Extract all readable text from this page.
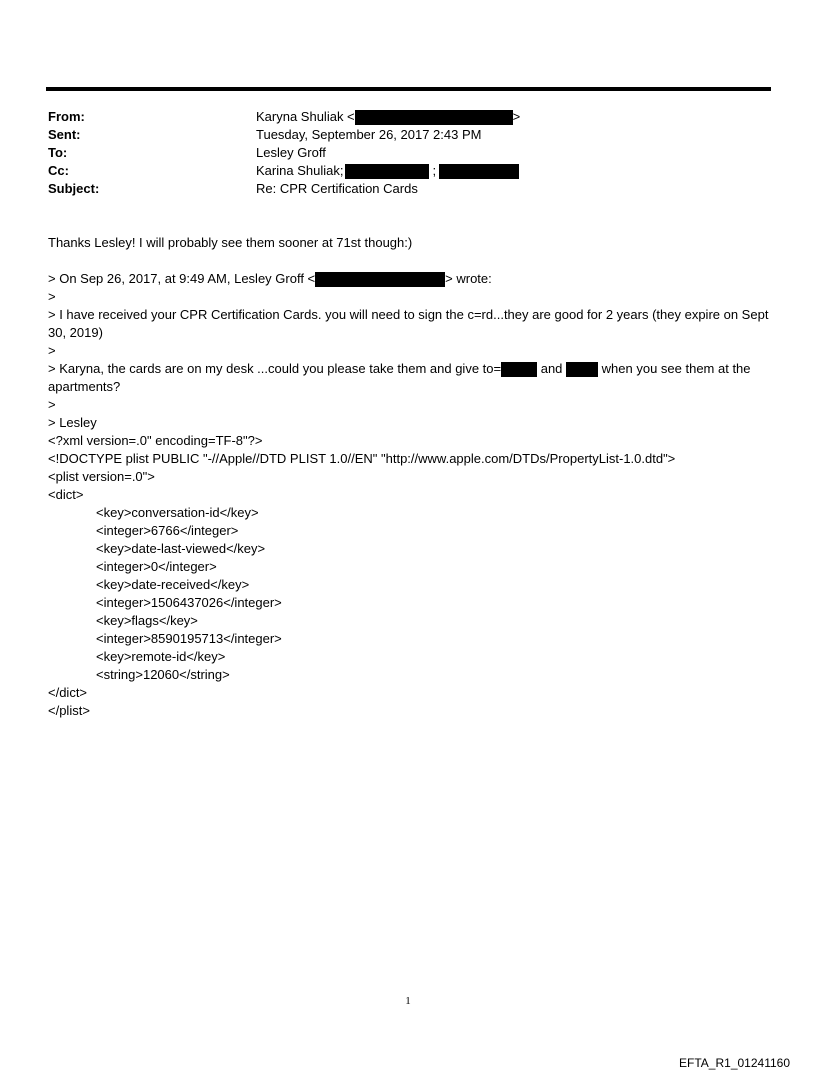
From:	Karyna Shuliak <	>
Sent:	Tuesday, September 26, 2017 2:43 PM
To:	Lesley Groff
Cc:	Karina Shuliak;	;
Subject:	Re: CPR Certification Cards
Thanks Lesley! I will probably see them sooner at 71st though:)
> On Sep 26, 2017, at 9:49 AM, Lesley Groff <	> wrote:
>
> I have received your CPR Certification Cards. you will need to sign the c=rd...they are good for 2 years (they expire on Sept 30, 2019)
>
> Karyna, the cards are on my desk ...could you please take them and give to=	and  when you see them at the apartments?
>
> Lesley
<?xml version=.0" encoding=TF-8"?>
<!DOCTYPE plist PUBLIC "-//Apple//DTD PLIST 1.0//EN" "http://www.apple.com/DTDs/PropertyList-1.0.dtd">
<plist version=.0">
<dict>
<key>conversation-id</key>
<integer>6766</integer>
<key>date-last-viewed</key>
<integer>0</integer>
<key>date-received</key>
<integer>1506437026</integer>
<key>flags</key>
<integer>8590195713</integer>
<key>remote-id</key>
<string>12060</string>
</dict>
</plist>
1
EFTA_R1_01241160
